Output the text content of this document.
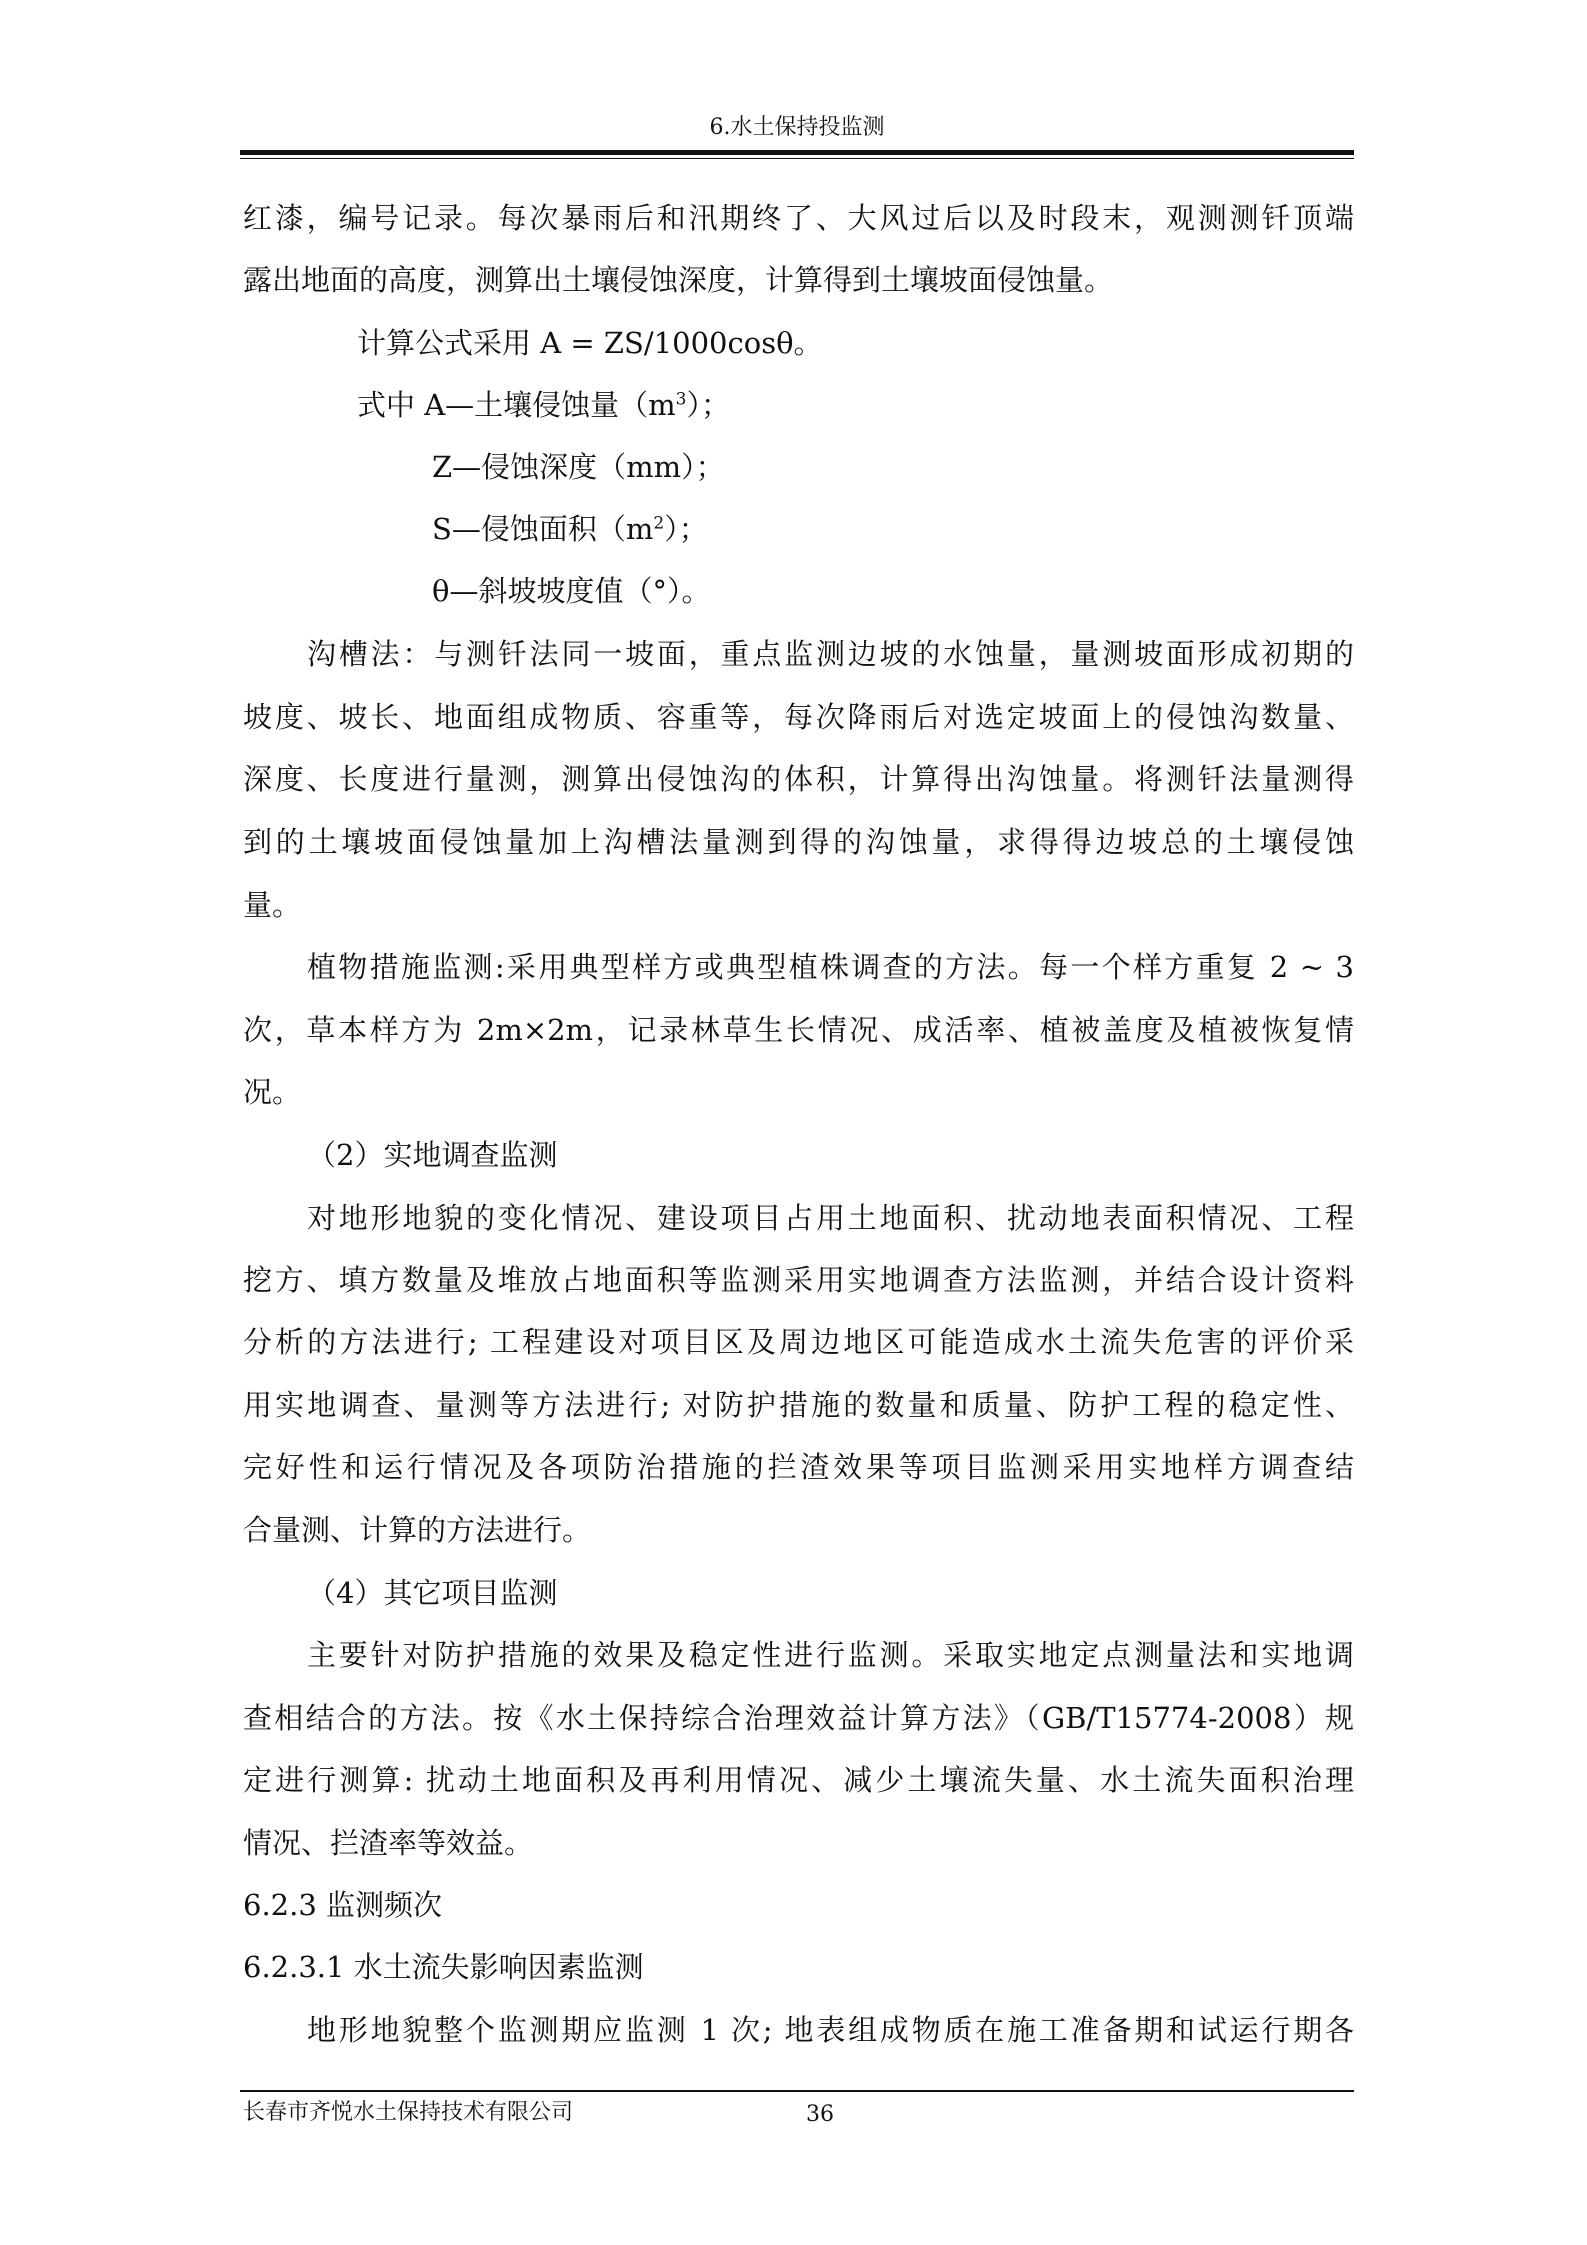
6.水土保持投监测
红漆，编号记录。每次暴雨后和汛期终了、大风过后以及时段末，观测测钎顶端
露出地面的高度，测算出土壤侵蚀深度，计算得到土壤坡面侵蚀量。
计算公式采用 A = ZS/1000cosθ。
式中 A—土壤侵蚀量$(m^3)$；
Z—侵蚀深度（mm）；
S—侵蚀面积$(m^2)$；
θ—斜坡坡度值（°）。
沟槽法：与测钎法同一坡面，重点监测边坡的水蚀量，量测坡面形成初期的
坡度、坡长、地面组成物质、容重等，每次降雨后对选定坡面上的侵蚀沟数量、
深度、长度进行量测，测算出侵蚀沟的体积，计算得出沟蚀量。将测钎法量测得
到的土壤坡面侵蚀量加上沟槽法量测到得的沟蚀量，求得得边坡总的土壤侵蚀
量。
植物措施监测:采用典型样方或典型植株调查的方法。每一个样方重复 2 ~ 3
次，草本样方为 2m×2m，记录林草生长情况、成活率、植被盖度及植被恢复情
况。
（2）实地调查监测
对地形地貌的变化情况、建设项目占用土地面积、扰动地表面积情况、工程
挖方、填方数量及堆放占地面积等监测采用实地调查方法监测，并结合设计资料
分析的方法进行; 工程建设对项目区及周边地区可能造成水土流失危害的评价采
用实地调查、量测等方法进行; 对防护措施的数量和质量、防护工程的稳定性、
完好性和运行情况及各项防治措施的拦渣效果等项目监测采用实地样方调查结
合量测、计算的方法进行。
（4）其它项目监测
主要针对防护措施的效果及稳定性进行监测。采取实地定点测量法和实地调
查相结合的方法。按《水土保持综合治理效益计算方法》（GB/T15774-2008）规
定进行测算: 扰动土地面积及再利用情况、减少土壤流失量、水土流失面积治理
情况、拦渣率等效益。
6.2.3 监测频次
6.2.3.1 水土流失影响因素监测
地形地貌整个监测期应监测 1 次; 地表组成物质在施工准备期和试运行期各
长春市齐悦水土保持技术有限公司	36
